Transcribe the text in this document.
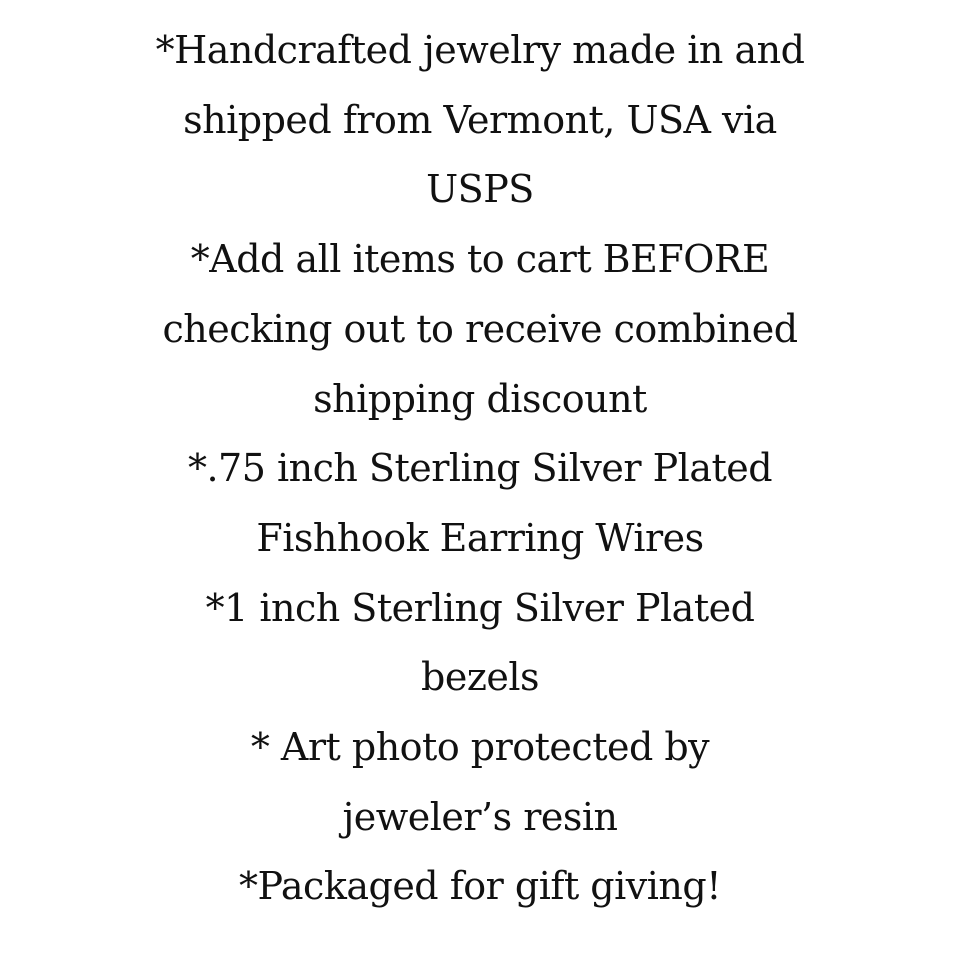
*Handcrafted jewelry made in and
shipped from Vermont, USA via
USPS
*Add all items to cart BEFORE
checking out to receive combined
shipping discount
*.75 inch Sterling Silver Plated
Fishhook Earring Wires
*1 inch Sterling Silver Plated
bezels
* Art photo protected by
jeweler’s resin
*Packaged for gift giving!
